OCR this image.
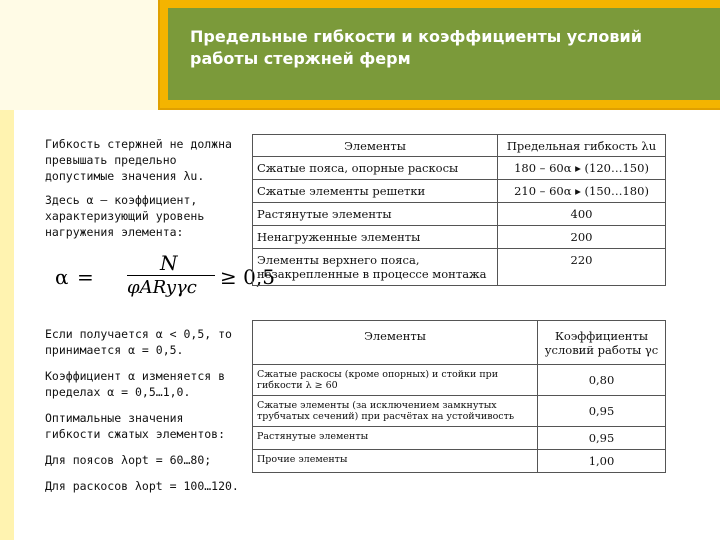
Предельные гибкости и коэффициенты условий работы стержней ферм
Гибкость стержней не должна превышать предельно допустимые значения λu.
Здесь α – коэффициент, характеризующий уровень нагружения элемента:
α =
N
φARyγc ≥ 0,5
Если получается α < 0,5, то принимается α = 0,5.
Коэффициент α изменяется в пределах α = 0,5…1,0.
Оптимальные значения гибкости сжатых элементов:
Для поясов λopt = 60…80;
Для раскосов λopt = 100…120.
Элементы	Предельная гибкость λu
Сжатые пояса, опорные раскосы	180 – 60α ▸ (120…150)
Сжатые элементы решетки	210 – 60α ▸ (150…180)
Растянутые элементы	400
Ненагруженные элементы	200
Элементы верхнего пояса, незакрепленные в процессе монтажа	220
Элементы	Коэффициенты условий работы γc
Сжатые раскосы (кроме опорных) и стойки при гибкости λ ≥ 60	0,80
Сжатые элементы (за исключением замкнутых трубчатых сечений) при расчётах на устойчивость	0,95
Растянутые элементы	0,95
Прочие элементы	1,00
